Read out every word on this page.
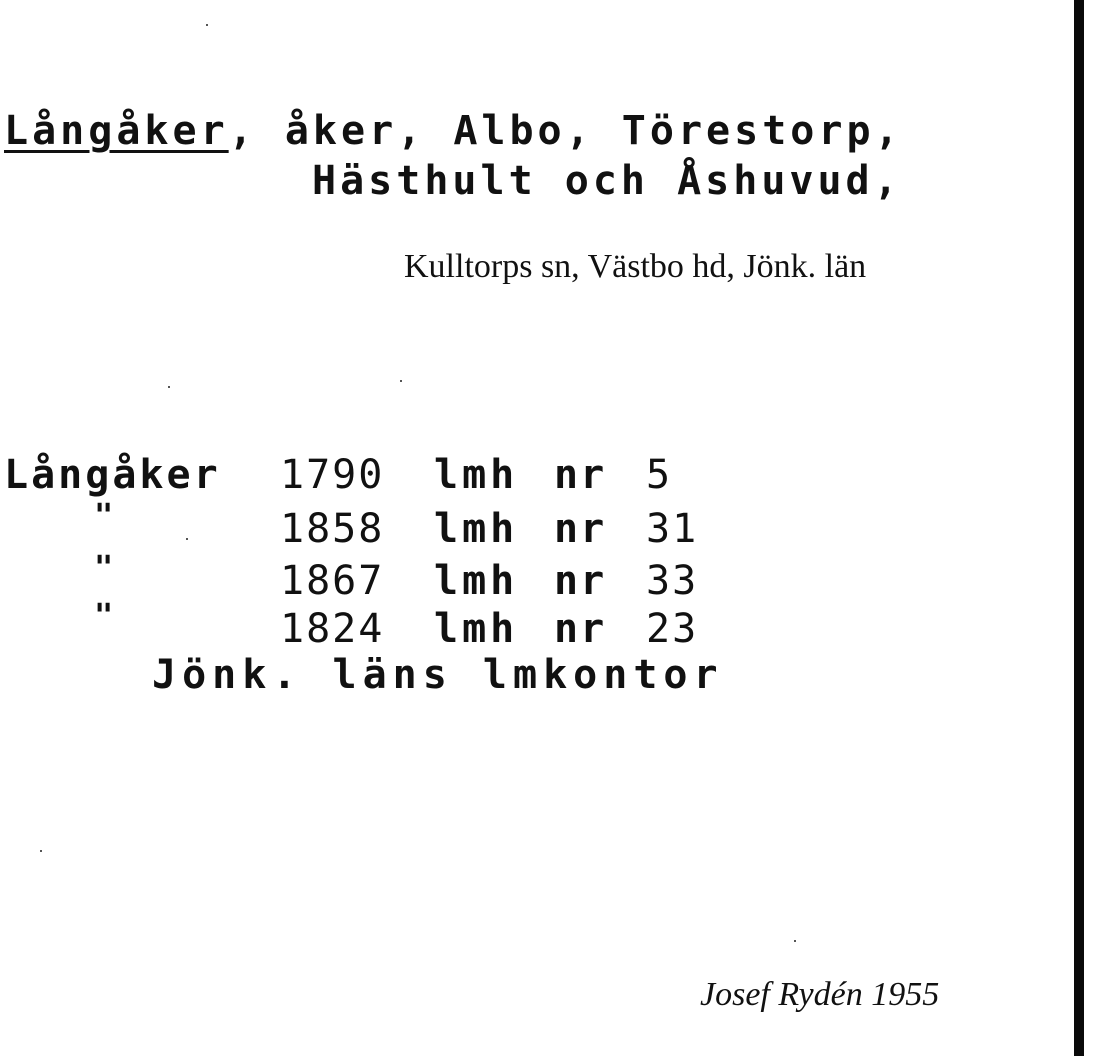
Långåker, åker, Albo, Törestorp,
Hästhult och Åshuvud,
Kulltorps sn, Västbo hd, Jönk. län
Långåker 1790 lmh nr 5
"	1858 lmh nr 31
"	1867 lmh nr 33
"	1824 lmh nr 23
Jönk. läns lmkontor
Josef Rydén 1955
